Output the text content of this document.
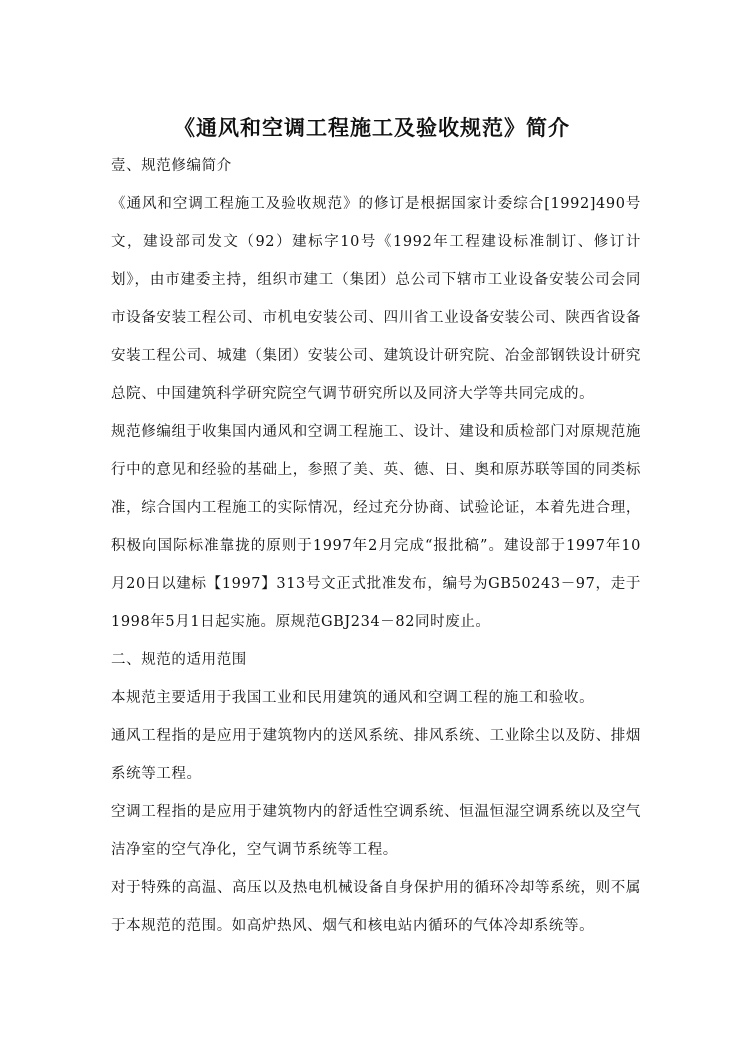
《通风和空调工程施工及验收规范》简介

壹、规范修编简介

《通风和空调工程施工及验收规范》的修订是根据国家计委综合[1992]490号文，建设部司发文（92）建标字10号《1992年工程建设标准制订、修订计划》，由市建委主持，组织市建工（集团）总公司下辖市工业设备安装公司会同市设备安装工程公司、市机电安装公司、四川省工业设备安装公司、陕西省设备安装工程公司、城建（集团）安装公司、建筑设计研究院、冶金部钢铁设计研究总院、中国建筑科学研究院空气调节研究所以及同济大学等共同完成的。

规范修编组于收集国内通风和空调工程施工、设计、建设和质检部门对原规范施行中的意见和经验的基础上，参照了美、英、德、日、奥和原苏联等国的同类标准，综合国内工程施工的实际情况，经过充分协商、试验论证，本着先进合理，积极向国际标准靠拢的原则于1997年2月完成“报批稿”。建设部于1997年10月20日以建标【1997】313号文正式批准发布，编号为GB50243－97，走于1998年5月1日起实施。原规范GBJ234－82同时废止。

二、规范的适用范围

本规范主要适用于我国工业和民用建筑的通风和空调工程的施工和验收。

通风工程指的是应用于建筑物内的送风系统、排风系统、工业除尘以及防、排烟系统等工程。

空调工程指的是应用于建筑物内的舒适性空调系统、恒温恒湿空调系统以及空气洁净室的空气净化，空气调节系统等工程。

对于特殊的高温、高压以及热电机械设备自身保护用的循环冷却等系统，则不属于本规范的范围。如高炉热风、烟气和核电站内循环的气体冷却系统等。
